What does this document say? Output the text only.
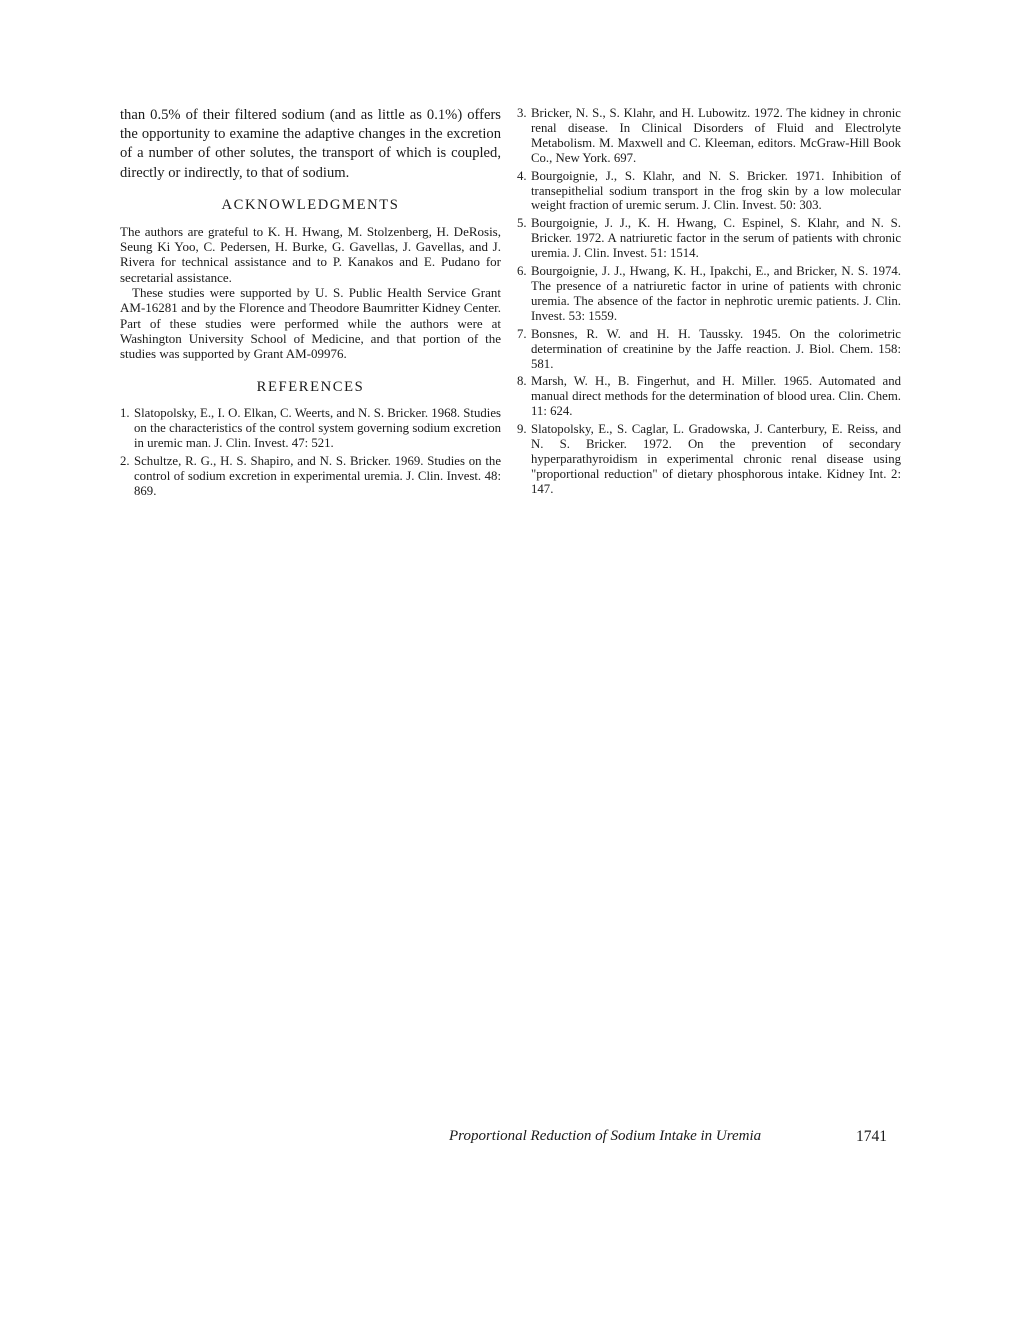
than 0.5% of their filtered sodium (and as little as 0.1%) offers the opportunity to examine the adaptive changes in the excretion of a number of other solutes, the transport of which is coupled, directly or indirectly, to that of sodium.

ACKNOWLEDGMENTS

The authors are grateful to K. H. Hwang, M. Stolzenberg, H. DeRosis, Seung Ki Yoo, C. Pedersen, H. Burke, G. Gavellas, J. Gavellas, and J. Rivera for technical assistance and to P. Kanakos and E. Pudano for secretarial assistance.

These studies were supported by U. S. Public Health Service Grant AM-16281 and by the Florence and Theodore Baumritter Kidney Center. Part of these studies were performed while the authors were at Washington University School of Medicine, and that portion of the studies was supported by Grant AM-09976.

REFERENCES
1. Slatopolsky, E., I. O. Elkan, C. Weerts, and N. S. Bricker. 1968. Studies on the characteristics of the control system governing sodium excretion in uremic man. J. Clin. Invest. 47: 521.
2. Schultze, R. G., H. S. Shapiro, and N. S. Bricker. 1969. Studies on the control of sodium excretion in experimental uremia. J. Clin. Invest. 48: 869.
3. Bricker, N. S., S. Klahr, and H. Lubowitz. 1972. The kidney in chronic renal disease. In Clinical Disorders of Fluid and Electrolyte Metabolism. M. Maxwell and C. Kleeman, editors. McGraw-Hill Book Co., New York. 697.
4. Bourgoignie, J., S. Klahr, and N. S. Bricker. 1971. Inhibition of transepithelial sodium transport in the frog skin by a low molecular weight fraction of uremic serum. J. Clin. Invest. 50: 303.
5. Bourgoignie, J. J., K. H. Hwang, C. Espinel, S. Klahr, and N. S. Bricker. 1972. A natriuretic factor in the serum of patients with chronic uremia. J. Clin. Invest. 51: 1514.
6. Bourgoignie, J. J., Hwang, K. H., Ipakchi, E., and Bricker, N. S. 1974. The presence of a natriuretic factor in urine of patients with chronic uremia. The absence of the factor in nephrotic uremic patients. J. Clin. Invest. 53: 1559.
7. Bonsnes, R. W. and H. H. Taussky. 1945. On the colorimetric determination of creatinine by the Jaffe reaction. J. Biol. Chem. 158: 581.
8. Marsh, W. H., B. Fingerhut, and H. Miller. 1965. Automated and manual direct methods for the determination of blood urea. Clin. Chem. 11: 624.
9. Slatopolsky, E., S. Caglar, L. Gradowska, J. Canterbury, E. Reiss, and N. S. Bricker. 1972. On the prevention of secondary hyperparathyroidism in experimental chronic renal disease using "proportional reduction" of dietary phosphorous intake. Kidney Int. 2: 147.
Proportional Reduction of Sodium Intake in Uremia	1741
